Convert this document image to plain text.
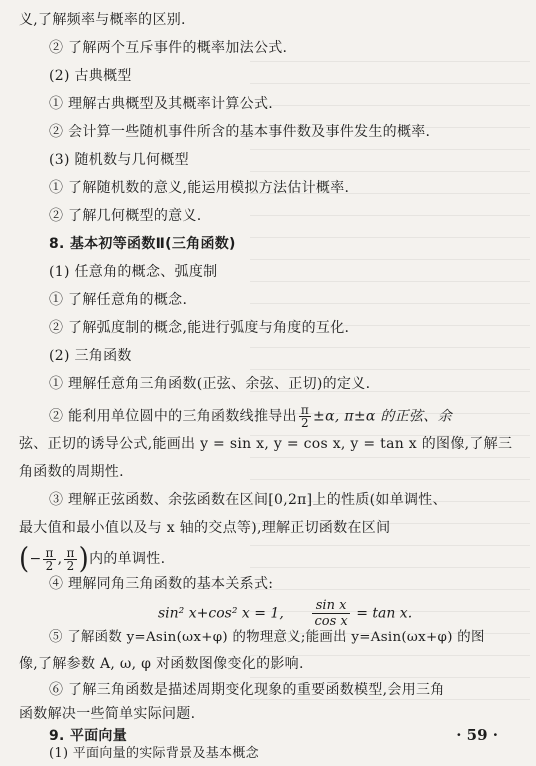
义,了解频率与概率的区别.
② 了解两个互斥事件的概率加法公式.
(2) 古典概型
① 理解古典概型及其概率计算公式.
② 会计算一些随机事件所含的基本事件数及事件发生的概率.
(3) 随机数与几何概型
① 了解随机数的意义,能运用模拟方法估计概率.
② 了解几何概型的意义.
8. 基本初等函数Ⅱ(三角函数)
(1) 任意角的概念、弧度制
① 了解任意角的概念.
② 了解弧度制的概念,能进行弧度与角度的互化.
(2) 三角函数
① 理解任意角三角函数(正弦、余弦、正切)的定义.
② 能利用单位圆中的三角函数线推导出 $\frac{\pi}{2} \pm\alpha$, π±α 的正弦、余
弦、正切的诱导公式,能画出 y = sin x, y = cos x, y = tan x 的图像,了解三
角函数的周期性.
③ 理解正弦函数、余弦函数在区间[0,2π]上的性质(如单调性、
最大值和最小值以及与 x 轴的交点等),理解正切函数在区间
(− $\frac{\pi}{2}$ , $\frac{\pi}{2}$ )内的单调性.
④ 理解同角三角函数的基本关系式:
sin² x+cos² x = 1, $\frac{\text{sin x}}{\text{cos x}} = \tan x$.
⑤ 了解函数 y=Asin(ωx+φ) 的物理意义;能画出 y=Asin(ωx+φ) 的图
像,了解参数 A, ω, φ 对函数图像变化的影响.
⑥ 了解三角函数是描述周期变化现象的重要函数模型,会用三角
函数解决一些简单实际问题.
· 59 ·
9. 平面向量
(1) 平面向量的实际背景及基本概念
